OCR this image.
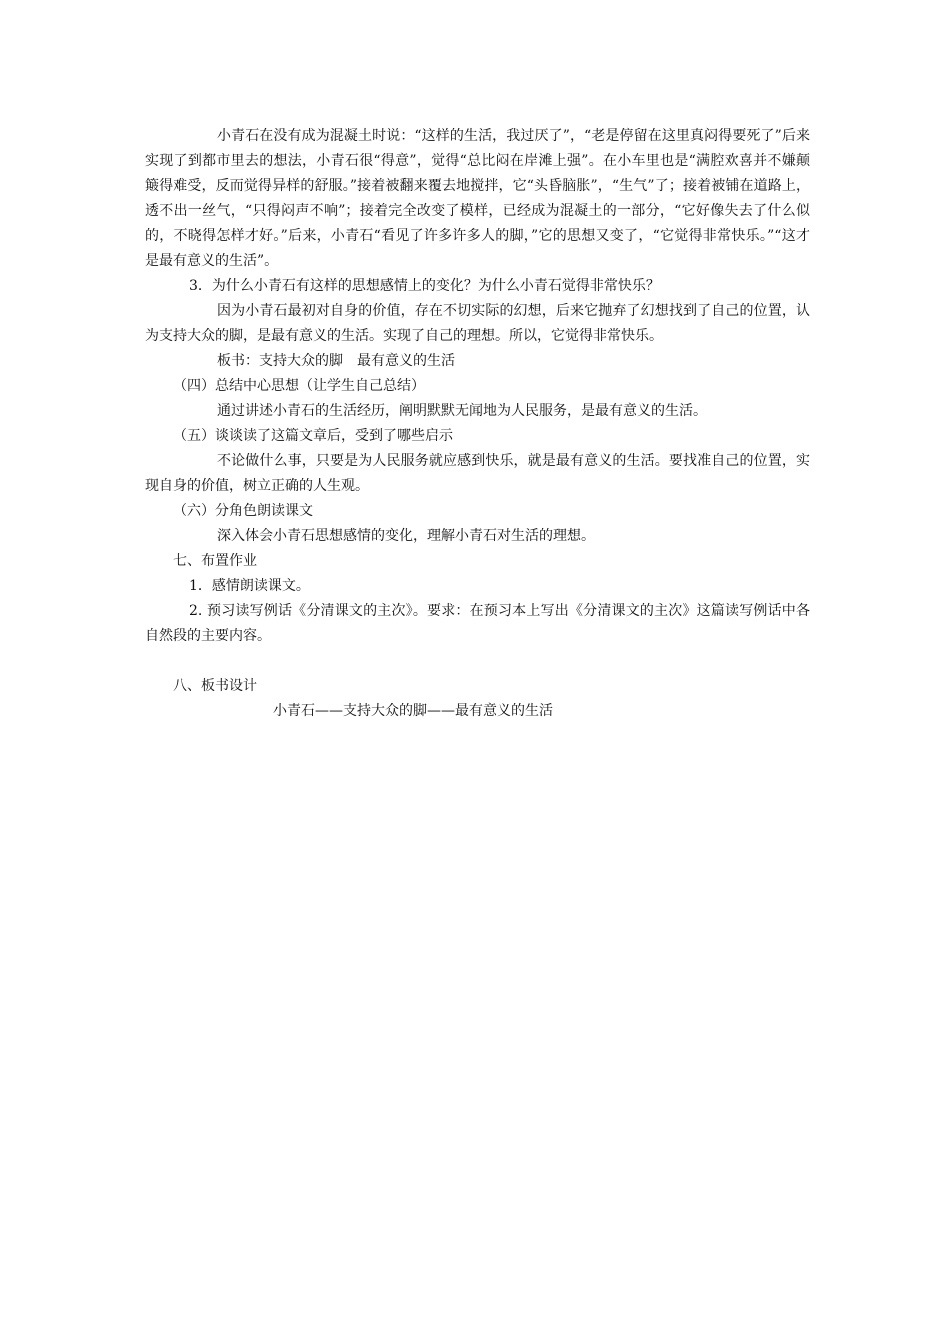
小青石在没有成为混凝土时说：“这样的生活，我过厌了”，“老是停留在这里真闷得要死了”后来实现了到都市里去的想法，小青石很“得意”，觉得“总比闷在岸滩上强”。在小车里也是“满腔欢喜并不嫌颠簸得难受，反而觉得异样的舒服。”接着被翻来覆去地搅拌，它“头昏脑胀”，“生气”了；接着被铺在道路上，透不出一丝气，“只得闷声不响”；接着完全改变了模样，已经成为混凝土的一部分，“它好像失去了什么似的，不晓得怎样才好。”后来，小青石“看见了许多许多人的脚，”它的思想又变了，“它觉得非常快乐。”“这才是最有意义的生活”。
3．为什么小青石有这样的思想感情上的变化？为什么小青石觉得非常快乐？
因为小青石最初对自身的价值，存在不切实际的幻想，后来它抛弃了幻想找到了自己的位置，认为支持大众的脚，是最有意义的生活。实现了自己的理想。所以，它觉得非常快乐。
板书：支持大众的脚　最有意义的生活
（四）总结中心思想（让学生自己总结）
通过讲述小青石的生活经历，阐明默默无闻地为人民服务，是最有意义的生活。
（五）谈谈读了这篇文章后，受到了哪些启示
不论做什么事，只要是为人民服务就应感到快乐，就是最有意义的生活。要找准自己的位置，实现自身的价值，树立正确的人生观。
（六）分角色朗读课文
深入体会小青石思想感情的变化，理解小青石对生活的理想。
七、布置作业
1．感情朗读课文。
2. 预习读写例话《分清课文的主次》。要求：在预习本上写出《分清课文的主次》这篇读写例话中各自然段的主要内容。
八、板书设计
小青石——支持大众的脚——最有意义的生活
